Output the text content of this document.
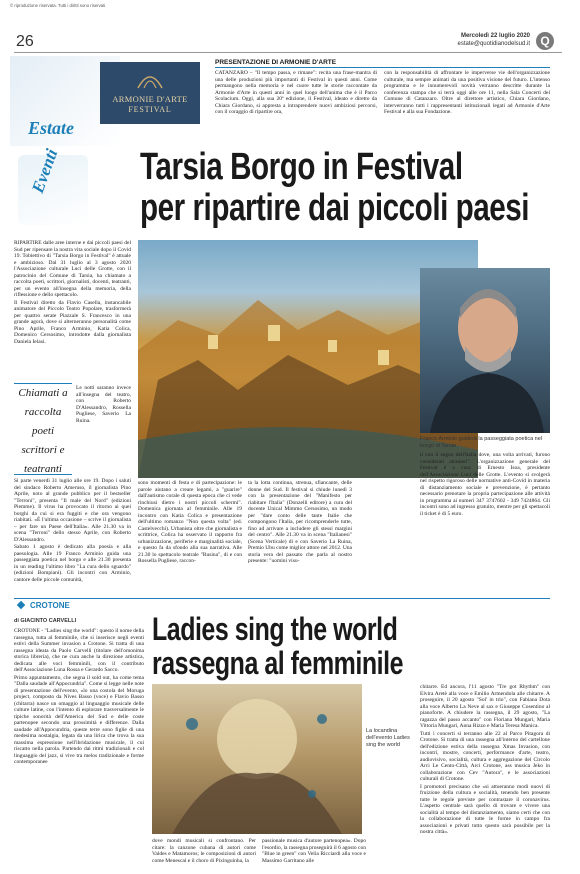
© riproduzione riservata. Tutti i diritti sono riservati
26	Mercoledì 22 luglio 2020
estate@quotidianodelsud.it Q
Estate
Eventi
ARMONIE D'ARTE
FESTIVAL
PRESENTAZIONE DI ARMONIE D'ARTE
CATANZARO – "Il tempo passa, e rimane": recita una frase-mantra di una delle produzioni più importanti di Festival in questi anni. Come permangono nella memoria e nel cuore tutte le storie raccontate da Armonie d'Arte in questi anni in quel luogo dell'anima che è il Parco Scolacium. Oggi, alla sua 20ª edizione, il Festival, ideato e diretto da Chiara Giordano, si appresta a intraprendere nuovi ambiziosi percorsi, con il coraggio di ripartire ora,
con la responsabilità di affrontare le imperverse vie dell'organizzazione culturale, ma sempre animati da una positiva visione del futuro. L'intenso programma e le innumerevoli novità verranno descritte durante la conferenza stampa che si terrà oggi alle ore 11, nella Sala Concerti del Comune di Catanzaro. Oltre al direttore artistico, Chiara Giordano, interverranno tutti i rappresentanti istituzionali legati ad Armonie d'Arte Festival e alla sua Fondazione.
Tarsia Borgo in Festival
per ripartire dai piccoli paesi

RIPARTIRE dalle aree interne e dai piccoli paesi del Sud per ripensare la nostra vita sociale dopo il Covid 19. Tobiettivo di "Tarsia Borgo in Festival" è attuale e ambizioso. Dal 31 luglio al 3 agosto 2020 l'Associazione culturale Luci delle Grotte, con il patrocinio del Comune di Tarsia, ha chiamato a raccolta poeti, scrittori, giornalisti, docenti, teatranti, per un evento all'insegna della memoria, della riflessione e dello spettacolo.

Il Festival diretto da Flavio Casella, instancabile animatore del Piccolo Teatro Popolare, trasformerà per quattro serate Piazzale S. Francesco in una grande agorà, dove si alterneranno personalità come Pino Aprile, Franco Arminio, Katia Colica, Domenico Cersosimo, introdotte dalla giornalista Daniela Ielasi.

Chiamati a raccolta poeti scrittori e teatranti
Le notti saranno invece all'insegna del teatro, con Roberto D'Alessandro, Rossella Pugliese, Saverio La Ruina.

Si parte venerdì 31 luglio alle ore 19. Dopo i saluti del sindaco Roberto Ameruso, il giornalista Pino Aprile, noto al grande pubblico per il bestseller "Terroni", presenta "Il male del Nord" (edizioni Piemme). Il virus ha provocato il ritorno ai quei borghi da cui si era fuggiti e che ora vengono riabitati. «È l'ultima occasione – scrive il giornalista – per fare un Paese dell'Italia». Alle 21.30 va in scena "Terroni" dello stesso Aprile, con Roberto D'Alessandro.

Sabato 1 agosto è dedicato alla poesia e alla paesologia. Alle 19 Franco Arminio guida una passeggiata poetica nel borgo e alle 21.30 presenta in un reading l'ultimo libro "La cura dello sguardo" (edizioni Bompiani). Gli incontri con Arminio, cantore delle piccole comunità,

Franco Arminio guiderà la passeggiata poetica nel borgo di Tarsia
sono momenti di festa e di partecipazione: le parole aiutano a creare legami, a "guarire" dall'autismo corale di questa epoca che ci vede rinchiusi dietro i nostri piccoli schermi". Domenica giornata al femminile. Alle 19 incontro con Katia Colica e presentazione dell'ultimo romanzo "Non questa volta" (ed. Castelvecchi). Urbanista oltre che giornalista e scrittrice, Colica ha osservato il rapporto fra urbanizzazione, periferie e marginalità sociale, e questo fa da sfondo alla sua narrativa. Alle 21.30 lo spettacolo teatrale "Rusina", di e con Rossella Pugliese, raccon-
ta la lotta continua, strenua, sfiancante, delle donne del Sud. Il festival si chiude lunedì 3 con la presentazione del "Manifesto per riabitare l'Italia" (Donzelli editore) a cura del docente Unical Mimmo Cersosimo, un modo per "dare conto delle tante Italie che compongono l'Italia, per ricomprenderle tutte, fino ad arrivare a includere gli stessi margini del centro". Alle 21.30 va in scena "Italianesi" (Scena Verticale) di e con Saverio La Ruina, Premio Ubu come miglior attore nel 2012. Una storia vera del passato che parla al nostro presente: "uomini visu-
ti con il sogno dell'Italia dove, una volta arrivati, furono considerati stranieri". L'organizzazione generale del Festival è a cura di Ernesto Isoa, presidente dell'Associazione Luci delle Grotte. L'evento si svolgerà nel rispetto rigoroso delle normative anti-Covid in materia di distanziamento sociale e prevenzione, è pertanto necessario prenotare la propria partecipazione alle attività in programma ai numeri 347 3747602 - 349 7424864. Gli incontri sono ad ingresso gratuito, mentre per gli spettacoli il ticket è di 5 euro.
CROTONE
di GIACINTO CARVELLI Ladies sing the world
rassegna al femminile

CROTONE - "Ladies sing the world": questo il nome della rassegna, tutta al femminile, che si inserisce negli eventi estivi della Summer invasion a Crotone. Si tratta di una rassegna ideata da Paolo Carvelli (titolare dell'omonima storica libreria), che ne cura anche la direzione artistica, dedicata alle voci femminili, con il contributo dell'Associazione Luna Rossa e Gerardo Sacco.

Primo appuntamento, che segna il sold out, ha come tema "Dalla saudade all'Appocundria". Come si legge nelle note di presentazione dell'evento, «lo una costola del Moruga project, composto da Nives Basso (voce) e Flavio Basso (chitarra) nasce un omaggio al linguaggio musicale delle culture latine, con l'intento di esplorare trasversalmente le tipiche sonorità dell'America del Sud e delle coste partenopee secondo una prossimità e differenze. Dalla saudade all'Appocundria, queste terre sono figlie di una medesima nostalgia, legata da una lirica che trova la sua massima espressione nell'ibridazione musicale, il cui riscatto nella parola. Partendo dai ritmi tradizionali e col linguaggio del jazz, si vive tra melos tradizionale e forme contemporanee

La locandina dell'evento Ladies sing the world
dove mondi musicali si confrontano. Per citare: la canzone cubana di autori come Valdes e Matamoros; le composizioni di autori come Menescal e il choro di Pixinguinha, la
passionale musica d'autore partenopea». Dopo l'esordio, la rassegna proseguirà il 6 agosto con "Blue in green" con Velia Ricciardi alla voce e Massimo Garritano alle

chitarre. Ed ancora, l'11 agosto "Tre got Rhythm" con Elvira Aretè alla voce e Emilio Armendola alle chitarre. A proseguire, il 20 agosto "Sol' in trio", con Fabiana Dota alla voce Alberto La Neve al sax e Giuseppe Cosentino al pianoforte. A chiudere la rassegna, il 29 agosto, "La ragazza del passo accanto" con Floriana Mungari, Maria Vittoria Mungari, Anna Rizzo e Maria Teresa Manica.

Tutti i concerti si terranno alle 22 al Parco Pitagora di Crotone. Si tratta di una rassegna all'interno del cartellone dell'edizione estiva della rassegna Xmas Invasion, con incontri, mostre, concerti, performance d'arte, teatro, audiovisivo, socialità, cultura e aggregazione del Circolo Arci Le Cento-Città, Arci Crotone, ass musica Jeko in collaborazione con Cev "Autora", e le associazioni culturali di Crotone.

I promotori precisano che «si attueranno modi nuovi di fruizione della cultura e socialità, tenendo ben presente tutte le regole previste per contrastare il coronavirus. L'aspetto centrale sarà quello di trovare e vivere una socialità al tempo del distanziamento, siamo certi che con la collaborazione di tutte le forme in campo fra associazioni e privati tutto questo sarà possibile per la nostra città».
